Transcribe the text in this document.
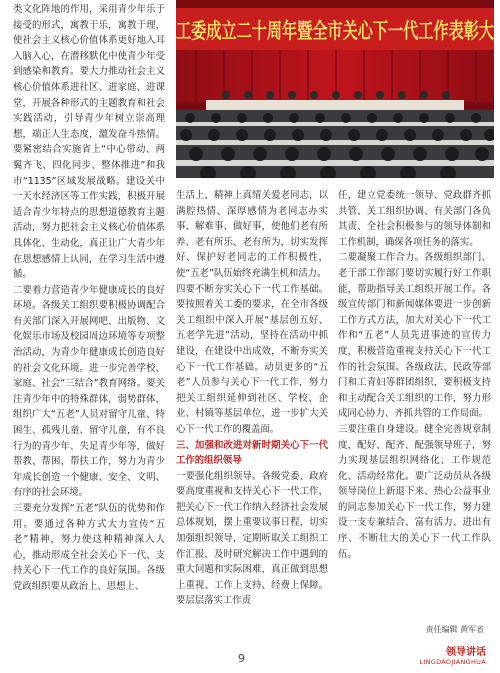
工委成立二十周年暨全市关心下一代工作表彰大

类文化阵地的作用，采用青少年乐于接受的形式，寓教于乐，寓教于理，使社会主义核心价值体系更好地入耳入脑入心，在潜移默化中使青少年受到感染和教育。要大力推动社会主义核心价值体系进社区、进家庭、进课堂，开展各种形式的主题教育和社会实践活动，引导青少年树立崇高理想，端正人生态度，激发奋斗热情。要紧密结合实施省上“中心带动、两翼齐飞、四化同步、整体推进”和我市“1135”区域发展战略。建设关中一天水经济区等工作实践，积极开展适合青少年特点的思想道德教育主题活动，努力把社会主义核心价值体系具体化、生动化，真正让广大青少年在思想感情上认同，在学习生活中遵循。

二要着力营造青少年健康成长的良好环境。各级关工组织要积极协调配合有关部门深入开展网吧、出版物、文化娱乐市场及校园周边环境等专项整治活动，为青少年健康成长创造良好的社会文化环境。进一步完善学校、家庭、社会“三结合”教育网络。要关注青少年中的特殊群体，弱势群体，组织广大“五老”人员对留守儿童、特困生、孤残儿童、留守儿童，有不良行为的青少年、失足青少年等，做好帮教、帮困、帮扶工作，努力为青少年成长创造一个健康、安全、文明、有序的社会环境。

三要充分发挥“五老”队伍的优势和作用。要通过各种方式大力宣传“五老”精神，努力使这种精神深入人心，推动形成全社会关心下一代、支持关心下一代工作的良好氛围。各级党政组织要从政治上、思想上、

生活上、精神上真情关爱老同志，以满腔热情、深厚感情为老同志办实事、解难事、做好事，使他们老有所养、老有所乐、老有所为，切实发挥好、保护好老同志的工作积极性，使“五老”队伍始终充满生机和活力。

四要不断夯实关心下一代工作基础。要按照着关工委的要求，在全市各级关工组织中深入开展“基层创五好、五老学先进”活动，坚持在活动中抓建设，在建设中出成效，不断夯实关心下一代工作基础。动员更多的“五老”人员参与关心下一代工作，努力把关工组织延伸到社区、学校、企业、村镇等基层单位，进一步扩大关心下一代工作的覆盖面。

三、加强和改进对新时期关心下一代工作的组织领导

一要强化组织领导。各级党委、政府要高度重视和支持关心下一代工作，把关心下一代工作纳入经济社会发展总体规划，摆上重要议事日程，切实加强组织领导，定期听取关工组织工作汇报，及时研究解决工作中遇到的重大问题和实际困难，真正做到思想上重视、工作上支持、经费上保障。要层层落实工作责

任，建立党委统一领导、党政群齐抓共管、关工组织协调、有关部门各负其责、全社会积极参与的领导体制和工作机制，确保各项任务的落实。

二要凝聚工作合力。各级组织部门、老干部工作部门要切实履行好工作职能，帮助指导关工组织开展工作。各级宣传部门和新闻媒体要进一步创新工作方式方法，加大对关心下一代工作和“五老”人员先进事迹的宣传力度，积极营造重视支持关心下一代工作的社会氛围。各级政法、民政等部门和工青妇等群团组织，要积极支持和主动配合关工组织的工作，努力形成同心协力、齐抓共管的工作局面。

三要注重自身建设。健全完善规章制度，配好、配齐、配强领导班子，努力实现基层组织网络化、工作规范化、活动经常化。要广泛动员从各级领导岗位上新退下来、热心公益事业的同志参加关心下一代工作，努力建设一支专兼结合、富有活力、进出有序、不断壮大的关心下一代工作队伍。

责任编辑 黄军省
9	领导讲话
LINGDAOJIANGHUA
